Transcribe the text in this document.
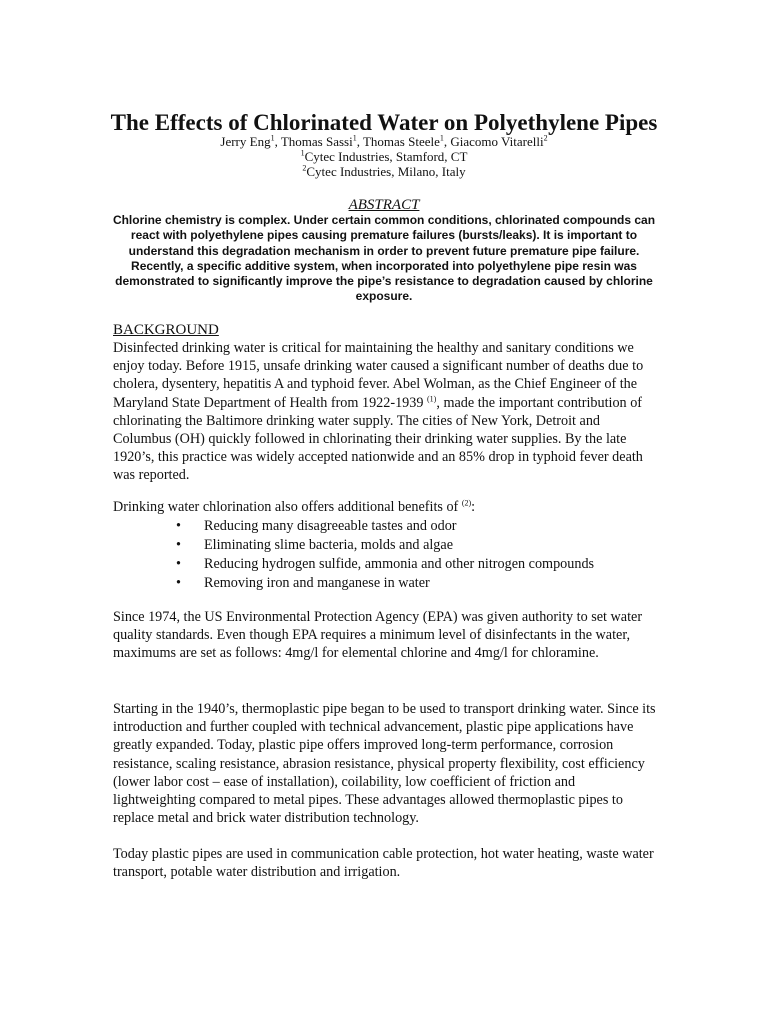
The Effects of Chlorinated Water on Polyethylene Pipes
Jerry Eng$^1$, Thomas Sassi$^1$, Thomas Steele$^1$, Giacomo Vitarelli$^2$
$^1$Cytec Industries, Stamford, CT
$^2$Cytec Industries, Milano, Italy
ABSTRACT
Chlorine chemistry is complex. Under certain common conditions, chlorinated compounds can react with polyethylene pipes causing premature failures (bursts/leaks). It is important to understand this degradation mechanism in order to prevent future premature pipe failure. Recently, a specific additive system, when incorporated into polyethylene pipe resin was demonstrated to significantly improve the pipe’s resistance to degradation caused by chlorine exposure.
BACKGROUND
Disinfected drinking water is critical for maintaining the healthy and sanitary conditions we enjoy today. Before 1915, unsafe drinking water caused a significant number of deaths due to cholera, dysentery, hepatitis A and typhoid fever. Abel Wolman, as the Chief Engineer of the Maryland State Department of Health from 1922-1939 $^{(1)}$, made the important contribution of chlorinating the Baltimore drinking water supply. The cities of New York, Detroit and Columbus (OH) quickly followed in chlorinating their drinking water supplies. By the late 1920’s, this practice was widely accepted nationwide and an 85% drop in typhoid fever death was reported.
Drinking water chlorination also offers additional benefits of $^{(2)}$:
• Reducing many disagreeable tastes and odor
• Eliminating slime bacteria, molds and algae
• Reducing hydrogen sulfide, ammonia and other nitrogen compounds
• Removing iron and manganese in water
Since 1974, the US Environmental Protection Agency (EPA) was given authority to set water quality standards. Even though EPA requires a minimum level of disinfectants in the water, maximums are set as follows: 4mg/l for elemental chlorine and 4mg/l for chloramine.
Starting in the 1940’s, thermoplastic pipe began to be used to transport drinking water. Since its introduction and further coupled with technical advancement, plastic pipe applications have greatly expanded. Today, plastic pipe offers improved long-term performance, corrosion resistance, scaling resistance, abrasion resistance, physical property flexibility, cost efficiency (lower labor cost – ease of installation), coilability, low coefficient of friction and lightweighting compared to metal pipes. These advantages allowed thermoplastic pipes to replace metal and brick water distribution technology.
Today plastic pipes are used in communication cable protection, hot water heating, waste water transport, potable water distribution and irrigation.
